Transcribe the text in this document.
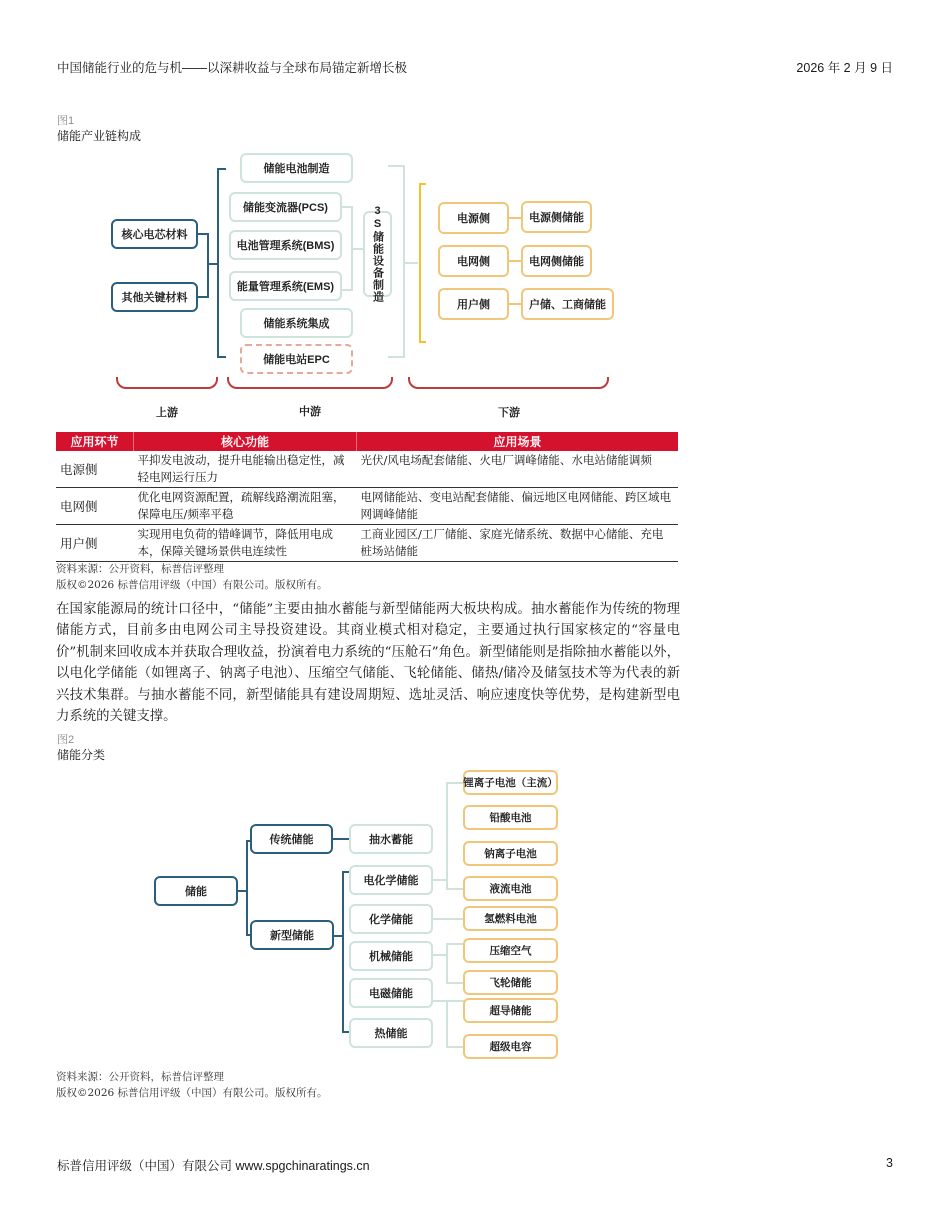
中国储能行业的危与机——以深耕收益与全球布局锚定新增长极	2026 年 2 月 9 日
图1
储能产业链构成
核心电芯材料
其他关键材料
储能电池制造
储能变流器(PCS)
电池管理系统(BMS)
能量管理系统(EMS)
储能系统集成
储能电站EPC
3S储能设备制造	电源侧	电源侧储能
电网侧	电网侧储能
用户侧	户储、工商储能
上游	中游	下游
应用环节	核心功能	应用场景
电源侧	平抑发电波动，提升电能输出稳定性，减轻电网运行压力	光伏/风电场配套储能、火电厂调峰储能、水电站储能调频
电网侧	优化电网资源配置，疏解线路潮流阻塞，保障电压/频率平稳	电网储能站、变电站配套储能、偏远地区电网储能、跨区域电网调峰储能
用户侧	实现用电负荷的错峰调节，降低用电成本，保障关键场景供电连续性	工商业园区/工厂储能、家庭光储系统、数据中心储能、充电桩场站储能
资料来源：公开资料，标普信评整理
版权©2026 标普信用评级（中国）有限公司。版权所有。
在国家能源局的统计口径中，“储能”主要由抽水蓄能与新型储能两大板块构成。抽水蓄能作为传统的物理储能方式，目前多由电网公司主导投资建设。其商业模式相对稳定，主要通过执行国家核定的“容量电价”机制来回收成本并获取合理收益，扮演着电力系统的“压舱石”角色。新型储能则是指除抽水蓄能以外，以电化学储能（如锂离子、钠离子电池）、压缩空气储能、飞轮储能、储热/储冷及储氢技术等为代表的新兴技术集群。与抽水蓄能不同，新型储能具有建设周期短、选址灵活、响应速度快等优势，是构建新型电力系统的关键支撑。
图2
储能分类
储能
传统储能
新型储能
抽水蓄能
电化学储能
化学储能
机械储能
电磁储能
热储能
锂离子电池（主流）
铅酸电池
钠离子电池
液流电池
氢燃料电池
压缩空气
飞轮储能
超导储能
超级电容
资料来源：公开资料，标普信评整理
版权©2026 标普信用评级（中国）有限公司。版权所有。
标普信用评级（中国）有限公司 www.spgchinaratings.cn	3
